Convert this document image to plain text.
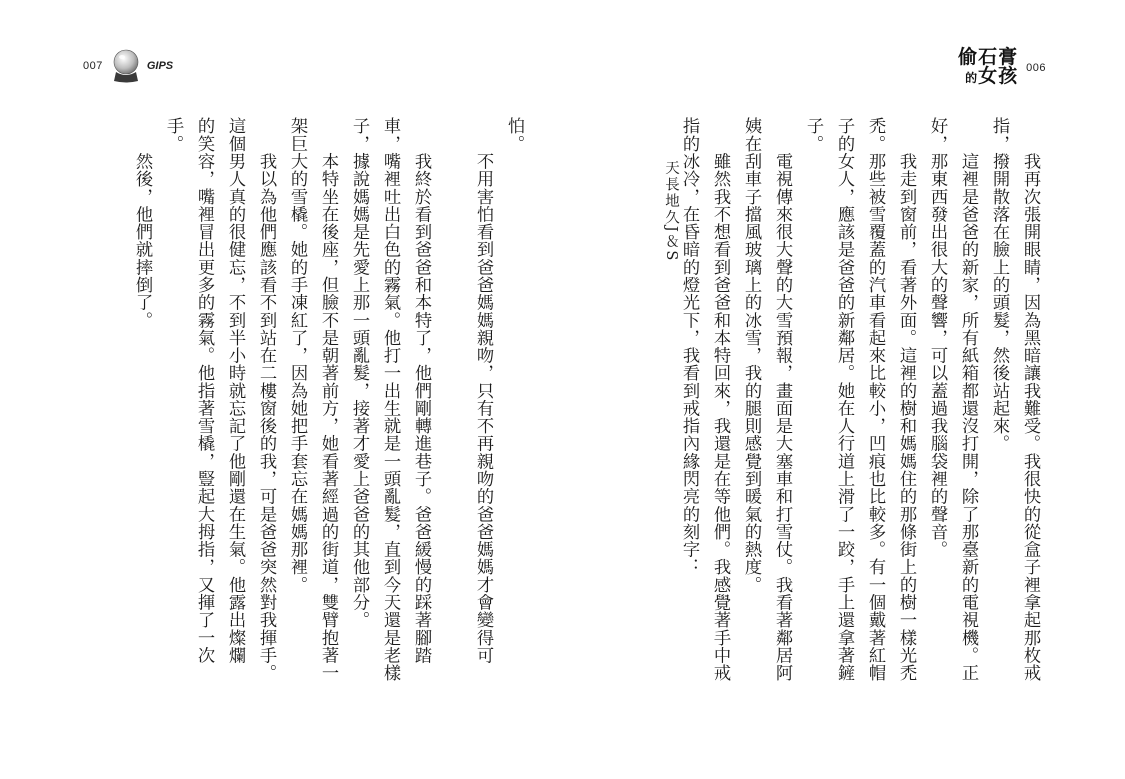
007	GIPS
怕。
　　不用害怕看到爸爸媽媽親吻，只有不再親吻的爸爸媽媽才會變得可
　　我終於看到爸爸和本特了，他們剛轉進巷子。爸爸緩慢的踩著腳踏
車，嘴裡吐出白色的霧氣。他打一出生就是一頭亂髮，直到今天還是老樣
子，據說媽媽是先愛上那一頭亂髮，接著才愛上爸爸的其他部分。
　　本特坐在後座，但臉不是朝著前方，她看著經過的街道，雙臂抱著一
架巨大的雪橇。她的手凍紅了，因為她把手套忘在媽媽那裡。
　　我以為他們應該看不到站在二樓窗後的我，可是爸爸突然對我揮手。
這個男人真的很健忘，不到半小時就忘記了他剛還在生氣。他露出燦爛
的笑容，嘴裡冒出更多的霧氣。他指著雪橇，豎起大拇指，又揮了一次
手。
　　然後，他們就摔倒了。
偷石膏
的女孩 006
　　我再次張開眼睛，因為黑暗讓我難受。我很快的從盒子裡拿起那枚戒
指，撥開散落在臉上的頭髮，然後站起來。
　　這裡是爸爸的新家，所有紙箱都還沒打開，除了那臺新的電視機。正
好，那東西發出很大的聲響，可以蓋過我腦袋裡的聲音。
　　我走到窗前，看著外面。這裡的樹和媽媽住的那條街上的樹一樣光禿
禿。那些被雪覆蓋的汽車看起來比較小，凹痕也比較多。有一個戴著紅帽
子的女人，應該是爸爸的新鄰居。她在人行道上滑了一跤，手上還拿著鏟
子。
　　電視傳來很大聲的大雪預報，畫面是大塞車和打雪仗。我看著鄰居阿
姨在刮車子擋風玻璃上的冰雪，我的腿則感覺到暖氣的熱度。
　　雖然我不想看到爸爸和本特回來，我還是在等他們。我感覺著手中戒
指的冰冷，在昏暗的燈光下，我看到戒指內緣閃亮的刻字：
天長地久J＆S
